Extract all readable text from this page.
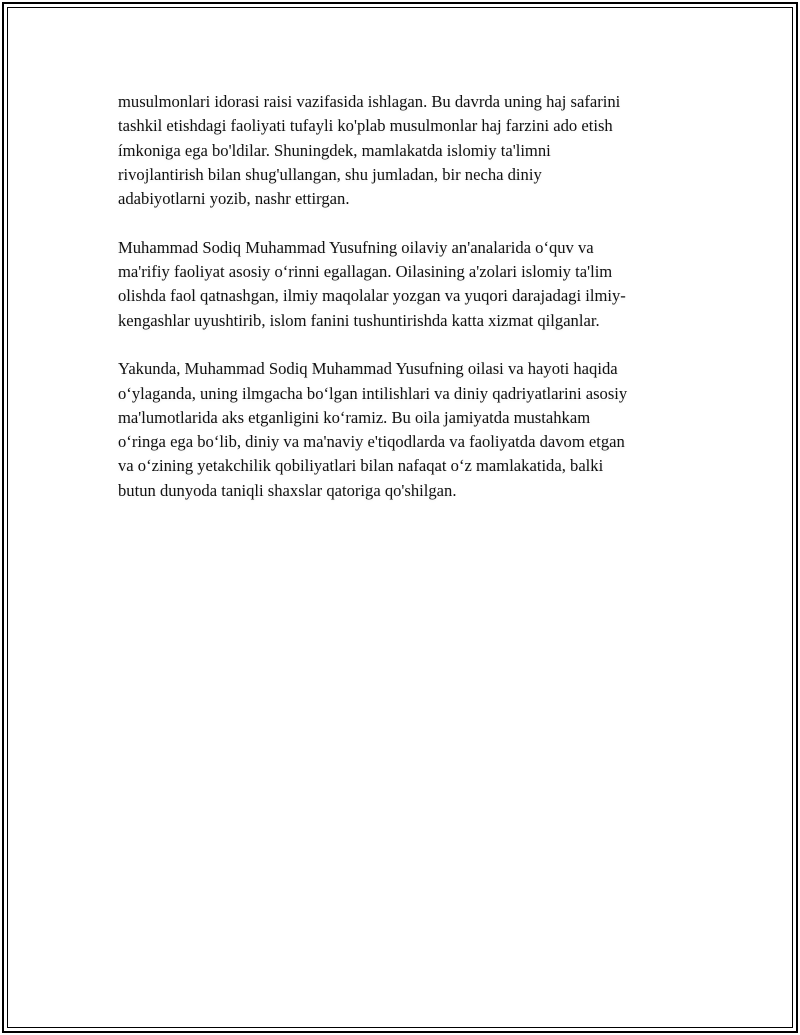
musulmonlari idorasi raisi vazifasida ishlagan. Bu davrda uning haj safarini
tashkil etishdagi faoliyati tufayli ko'plab musulmonlar haj farzini ado etish
ímkoniga ega bo'ldilar. Shuningdek, mamlakatda islomiy ta'limni
rivojlantirish bilan shug'ullangan, shu jumladan, bir necha diniy
adabiyotlarni yozib, nashr ettirgan.

Muhammad Sodiq Muhammad Yusufning oilaviy an'analarida o‘quv va
ma'rifiy faoliyat asosiy o‘rinni egallagan. Oilasining a'zolari islomiy ta'lim
olishda faol qatnashgan, ilmiy maqolalar yozgan va yuqori darajadagi ilmiy-
kengashlar uyushtirib, islom fanini tushuntirishda katta xizmat qilganlar.

Yakunda, Muhammad Sodiq Muhammad Yusufning oilasi va hayoti haqida
o‘ylaganda, uning ilmgacha bo‘lgan intilishlari va diniy qadriyatlarini asosiy
ma'lumotlarida aks etganligini ko‘ramiz. Bu oila jamiyatda mustahkam
o‘ringa ega bo‘lib, diniy va ma'naviy e'tiqodlarda va faoliyatda davom etgan
va o‘zining yetakchilik qobiliyatlari bilan nafaqat o‘z mamlakatida, balki
butun dunyoda taniqli shaxslar qatoriga qo'shilgan.
